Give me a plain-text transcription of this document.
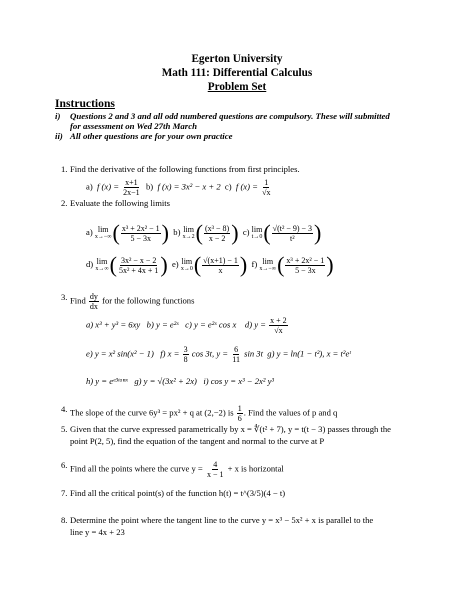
Egerton University
Math 111: Differential Calculus
Problem Set
Instructions
i) Questions 2 and 3 and all odd numbered questions are compulsory. These will submitted
for assessment on Wed 27th March
ii) All other questions are for your own practice
1. Find the derivative of the following functions from first principles.
a) f $(x) = \frac{x+1}{2x-1} b$) f (x) = 3x² − x + 2 c) f $(x) = \frac{1}{√x}$
2. Evaluate the following limits
a) lim
x→−∞ ( $\frac{\text{x³ + 2x² − 1}}{5 - 3x}$ ) b) lim
x→2 ( $\frac{\text{(x³ − 8)}}{x - 2}$ ) c) lim
t→0 ( $\frac{\text{√(t² − 9) − 3}}{\text{t²}}$ )
d) lim
x→∞ ( $\frac{\text{3x² − x − 2}}{\text{5x² + 4x + 1}}$ ) e) lim
x→0 ( $\frac{√(x+1) - 1}{x}$ ) f) lim
x→−∞ ( $\frac{\text{x³ + 2x² − 1}}{5 - 3x}$ )
3. Find $\frac{dy}{dx}$ for the following functions
a) x³ + y³ = 6xy b) y = e²ˣ c) y = e²ˣ cos x d) $y = \frac{x + 2}{√x}$
e) y = x² sin(x² − 1) f) $x = \frac{3}{8}$ cos 3t, $y = \frac{6}{11}$ sin 3t g) y = ln(1 − t²), x = t²eᵗ
h) y = eᵉ³ᵗᵃⁿˣ g) y = √(3x² + 2x) i) cos y = x³ − 2x² y³
4. The slope of the curve 6y³ = px² + q at (2,−2) is $\frac{1}{6}$ . Find the values of p and q
5. Given that the curve expressed parametrically by x = ∜(t² + 7), y = t(t − 3) passes through the
point P(2, 5), find the equation of the tangent and normal to the curve at P
6. Find all the points where the curve $y = \frac{4}{x - 1} + x$ is horizontal
7. Find all the critical point(s) of the function h(t) = t^(3/5)(4 − t)
8. Determine the point where the tangent line to the curve y = x³ − 5x² + x is parallel to the
line y = 4x + 23
